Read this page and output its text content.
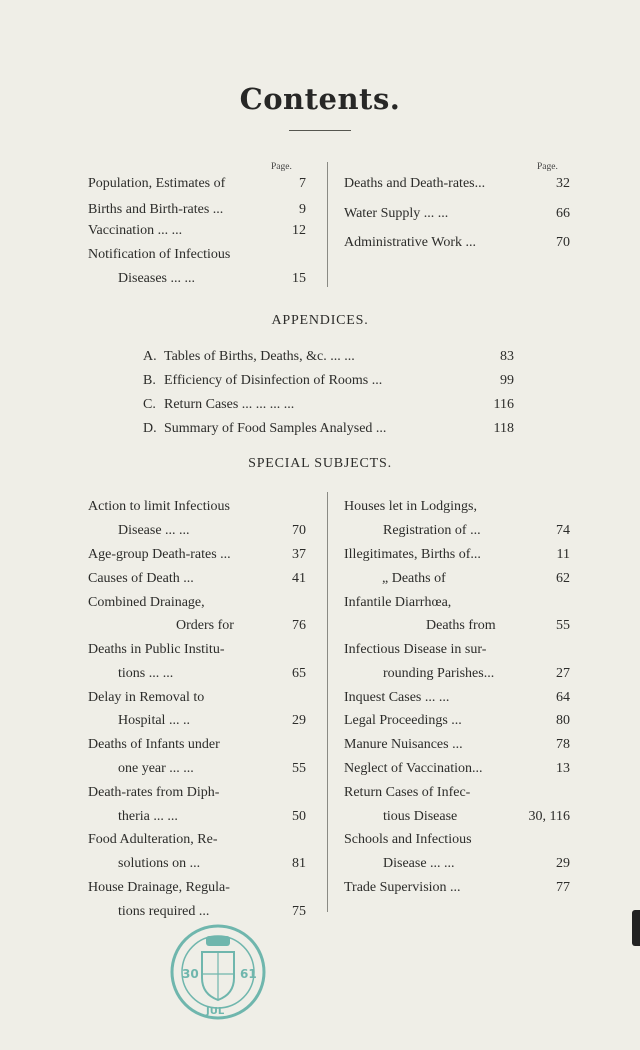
Contents.
Page.	Page.
Population, Estimates of	7
Births and Birth-rates ...	9
Vaccination ... ...	12
Notification of Infectious
Diseases ... ...	15
Deaths and Death-rates...	32
Water Supply ... ...	66
Administrative Work ...	70
APPENDICES.
A. Tables of Births, Deaths, &c. ... ...	83
B. Efficiency of Disinfection of Rooms ...	99
C. Return Cases ... ... ... ...	116
D. Summary of Food Samples Analysed ...	118
SPECIAL SUBJECTS.
Action to limit Infectious
Disease ... ...	70
Age-group Death-rates ...	37
Causes of Death ...	41
Combined Drainage,
Orders for	76
Deaths in Public Institu-
tions ... ...	65
Delay in Removal to
Hospital ... ..	29
Deaths of Infants under
one year ... ...	55
Death-rates from Diph-
theria ... ...	50
Food Adulteration, Re-
solutions on ...	81
House Drainage, Regula-
tions required ...	75
Houses let in Lodgings,
Registration of ...	74
Illegitimates, Births of...	11
„ Deaths of	62
Infantile Diarrhœa,
Deaths from	55
Infectious Disease in sur-
rounding Parishes...	27
Inquest Cases ... ...	64
Legal Proceedings ...	80
Manure Nuisances ...	78
Neglect of Vaccination...	13
Return Cases of Infec-
tious Disease	30, 116
Schools and Infectious
Disease ... ...	29
Trade Supervision ...	77
30	61
JUL
